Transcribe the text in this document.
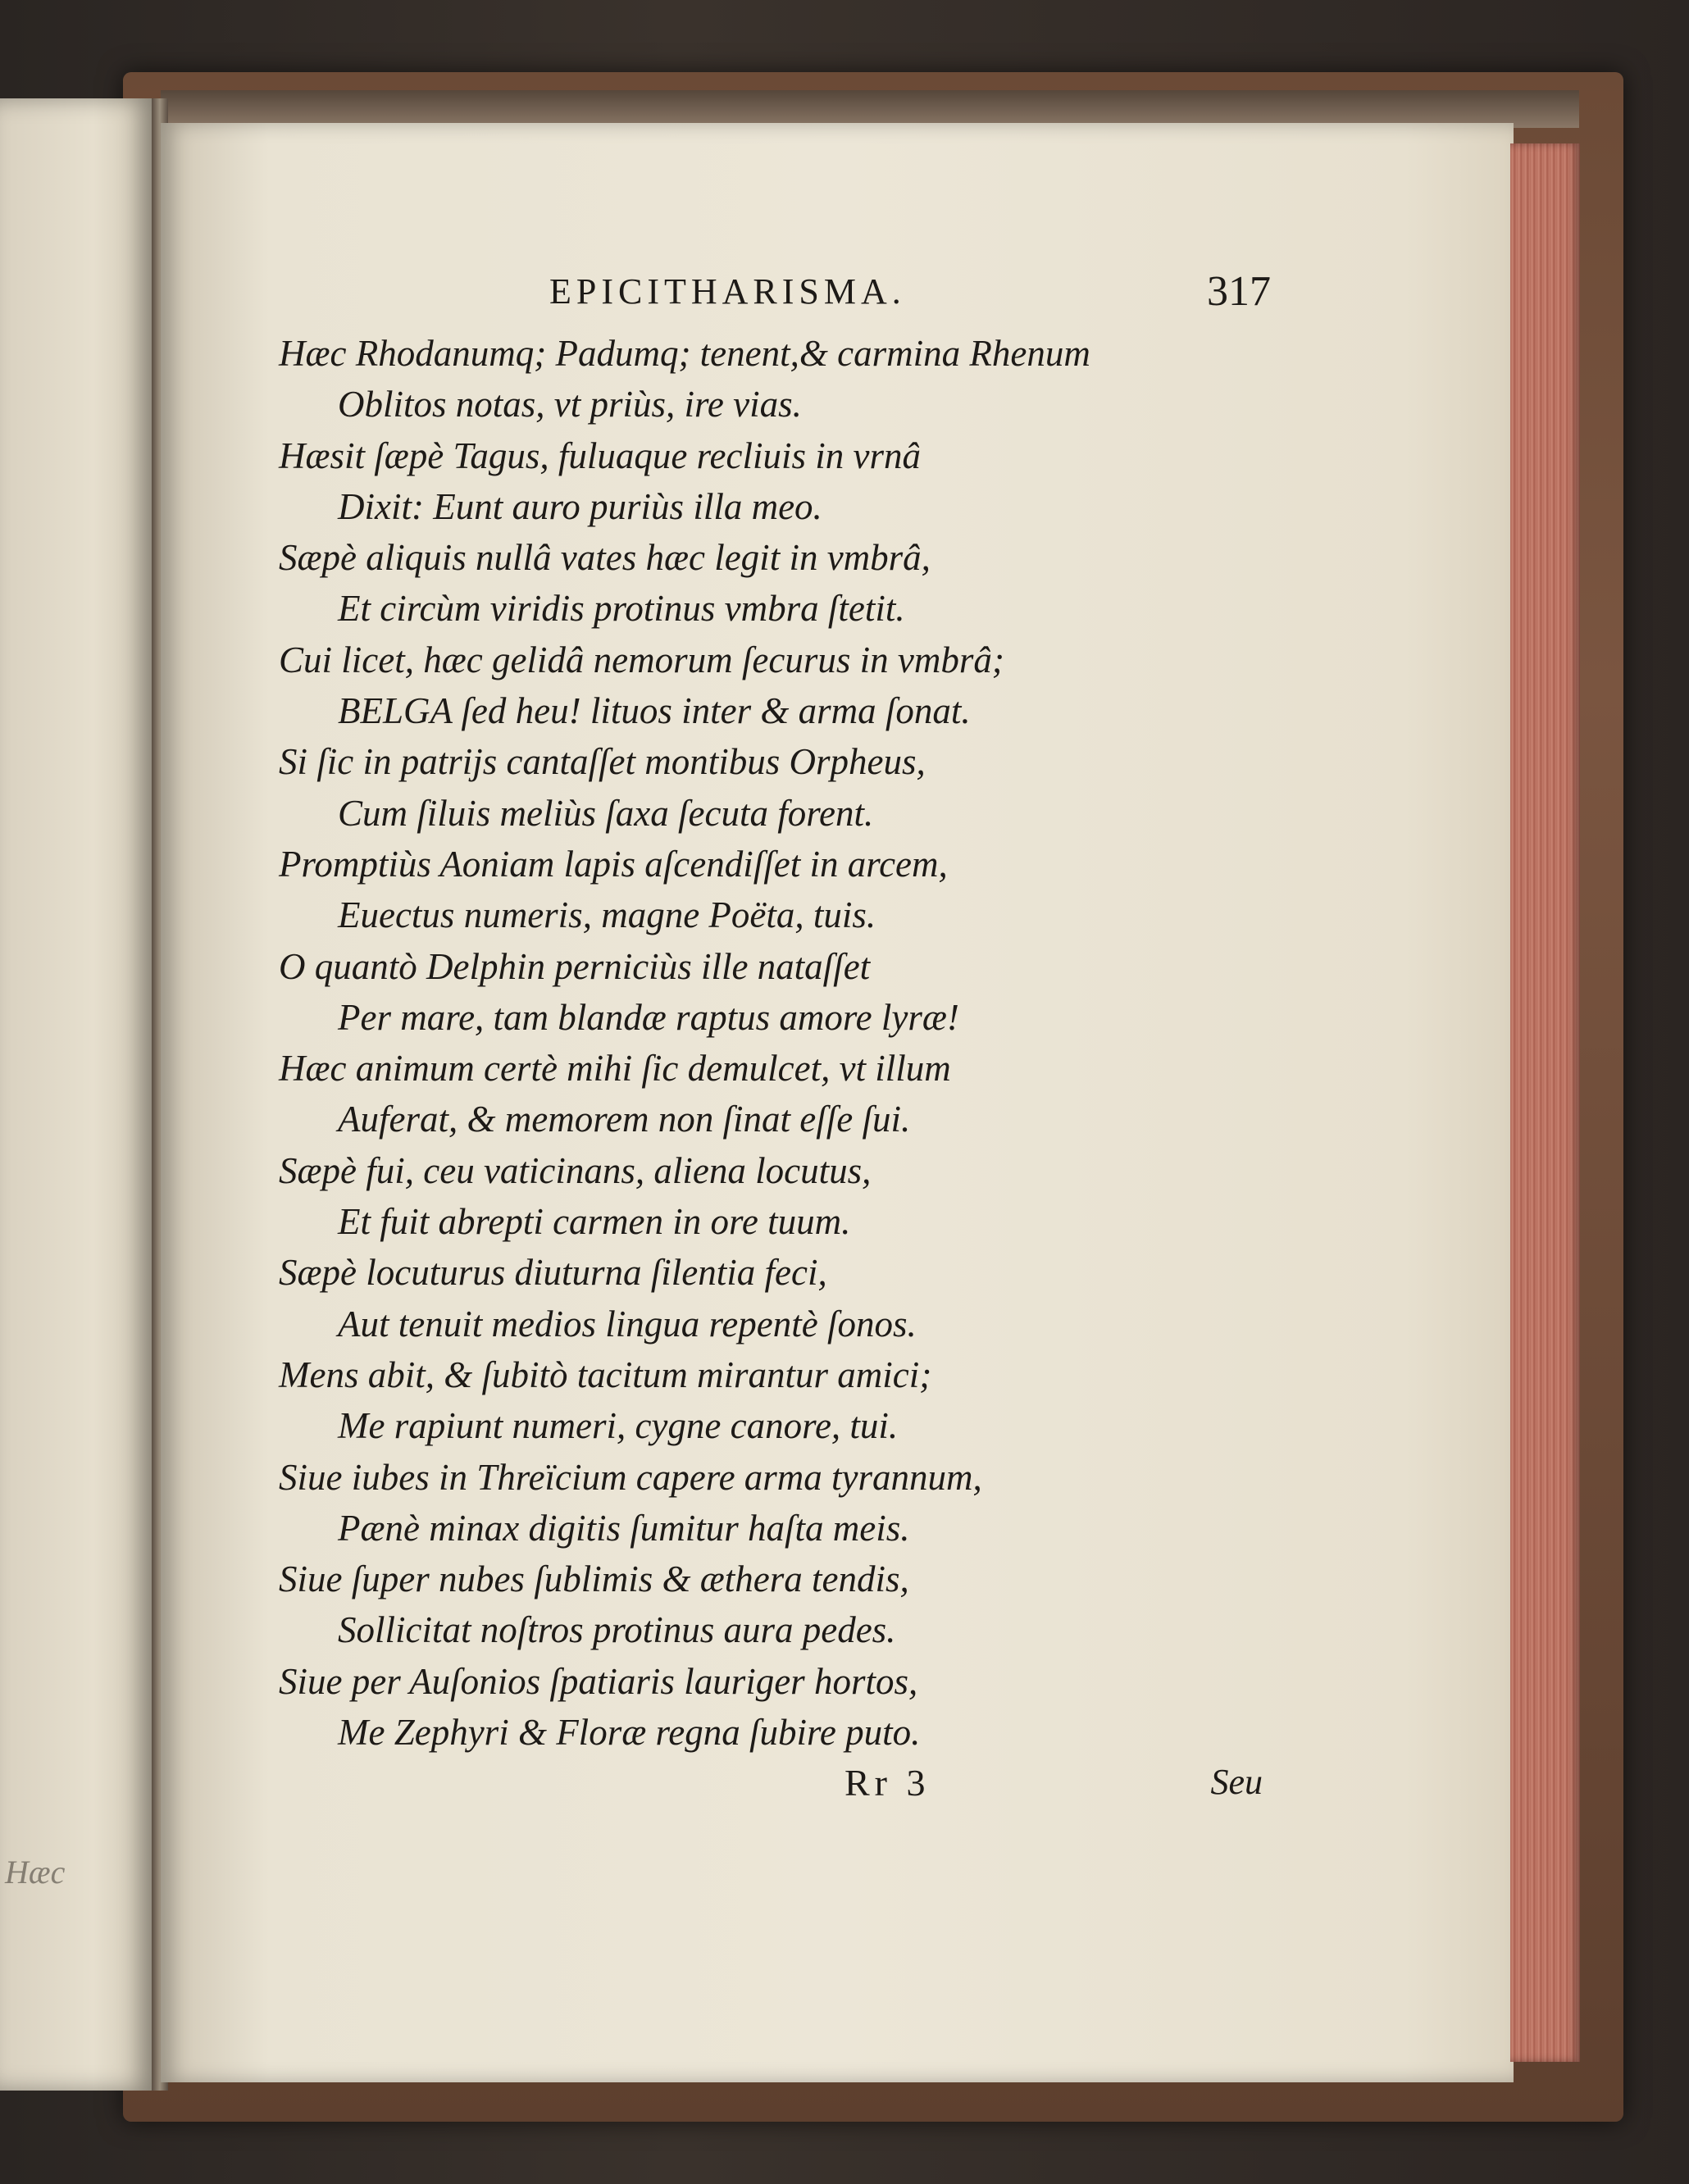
Hæc
EPICITHARISMA.	317
Hæc Rhodanumq; Padumq; tenent,& carmina Rhenum
Oblitos notas, vt priùs, ire vias.
Hæsit ſæpè Tagus, fuluaque recliuis in vrnâ
Dixit: Eunt auro puriùs illa meo.
Sæpè aliquis nullâ vates hæc legit in vmbrâ,
Et circùm viridis protinus vmbra ſtetit.
Cui licet, hæc gelidâ nemorum ſecurus in vmbrâ;
BELGA ſed heu! lituos inter & arma ſonat.
Si ſic in patrijs cantaſſet montibus Orpheus,
Cum ſiluis meliùs ſaxa ſecuta forent.
Promptiùs Aoniam lapis aſcendiſſet in arcem,
Euectus numeris, magne Poëta, tuis.
O quantò Delphin perniciùs ille nataſſet
Per mare, tam blandæ raptus amore lyræ!
Hæc animum certè mihi ſic demulcet, vt illum
Auferat, & memorem non ſinat eſſe ſui.
Sæpè fui, ceu vaticinans, aliena locutus,
Et fuit abrepti carmen in ore tuum.
Sæpè locuturus diuturna ſilentia feci,
Aut tenuit medios lingua repentè ſonos.
Mens abit, & ſubitò tacitum mirantur amici;
Me rapiunt numeri, cygne canore, tui.
Siue iubes in Threïcium capere arma tyrannum,
Pænè minax digitis ſumitur haſta meis.
Siue ſuper nubes ſublimis & æthera tendis,
Sollicitat noſtros protinus aura pedes.
Siue per Auſonios ſpatiaris lauriger hortos,
Me Zephyri & Floræ regna ſubire puto.
Rr 3	Seu
